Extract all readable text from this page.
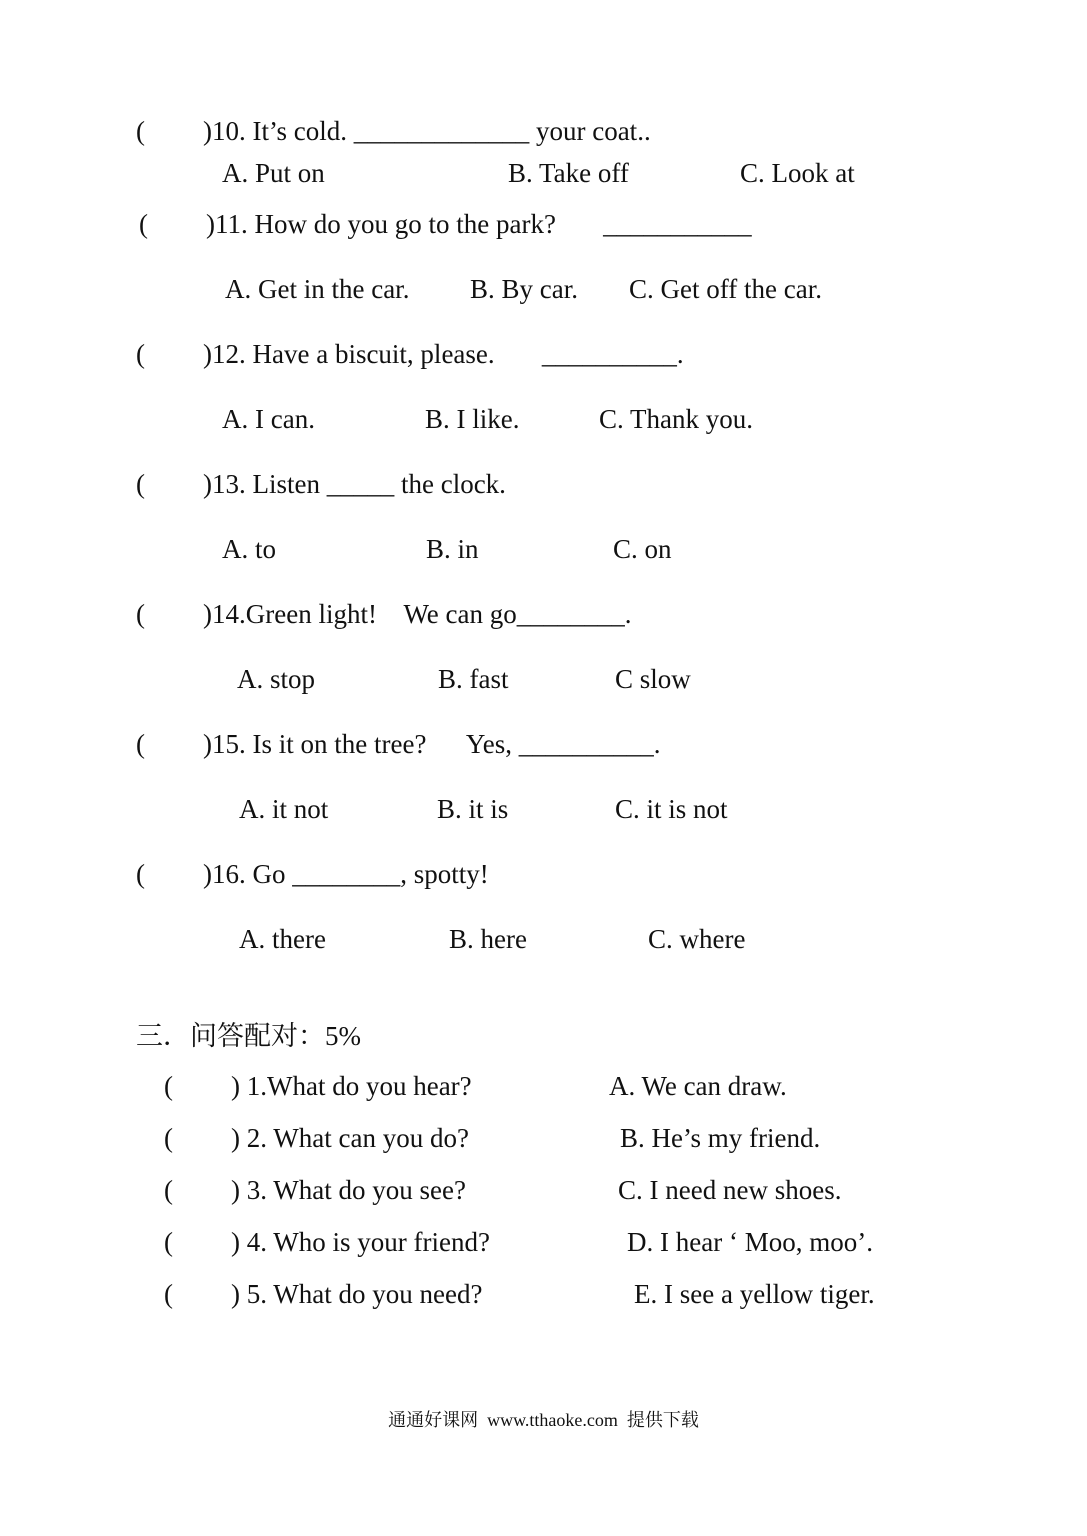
( )10. It’s cold. _____________ your coat..
A. Put on	B. Take off	C. Look at
( )11. How do you go to the park?       ___________
A. Get in the car. B. By car. C. Get off the car.
( )12. Have a biscuit, please.       __________.
A. I can.	B. I like.	C. Thank you.
( )13. Listen _____ the clock.
A. to	B. in	C. on
( )14.Green light!    We can go________.
A. stop	B. fast	C slow
( )15. Is it on the tree?      Yes, __________.
A. it not	B. it is	C. it is not
( )16. Go ________, spotty!
A. there	B. here	C. where
三．问答配对：5%
( ) 1.What do you hear?	A. We can draw.
( ) 2. What can you do?	B. He’s my friend.
( ) 3. What do you see?	C. I need new shoes.
( ) 4. Who is your friend?	D. I hear ‘ Moo, moo’.
( ) 5. What do you need?	E. I see a yellow tiger.
通通好课网  www.tthaoke.com  提供下载
